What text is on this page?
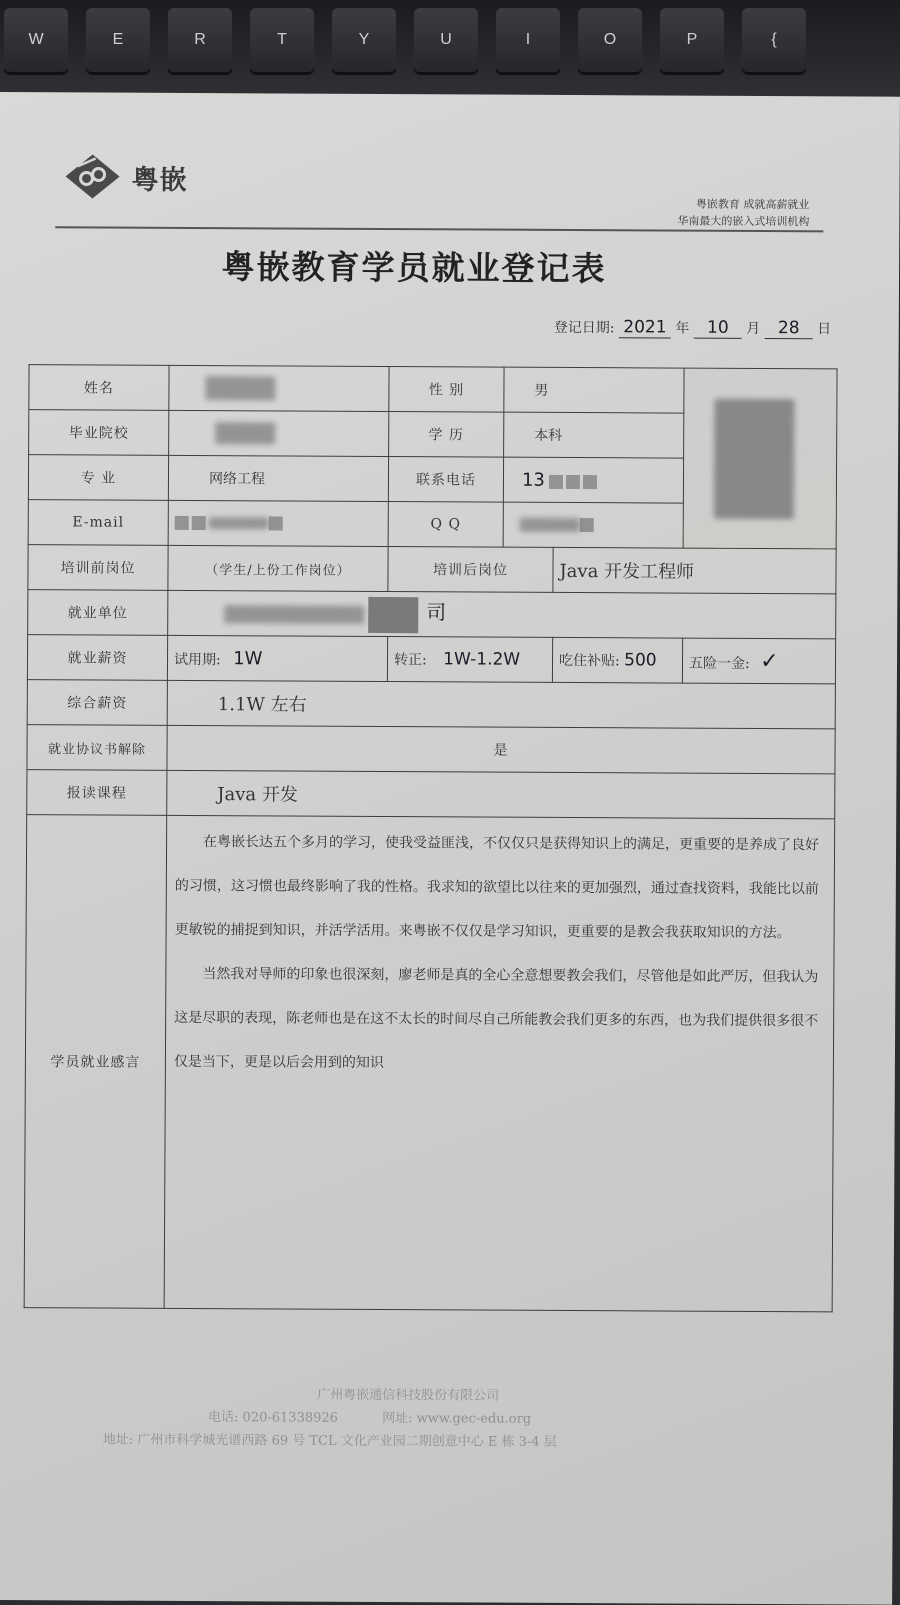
W	E	R	T	Y	U	I	O	P	{
粤嵌
粤嵌教育 成就高薪就业
华南最大的嵌入式培训机构
粤嵌教育学员就业登记表
登记日期: 2021 年 10 月 28 日
姓名		性 别	男		

毕业院校		学 历	本科		
专 业	网络工程	联系电话	13		
E-mail		Q Q			
培训前岗位	（学生/上份工作岗位）	培训后岗位		Java 开发工程师	
就业单位	司				
就业薪资	试用期: 1W	转正: 1W-1.2W		吃住补贴: 500	五险一金: ✓
综合薪资	1.1W 左右				
就业协议书解除	是				
报读课程	Java 开发				
学员就业感言	在粤嵌长达五个多月的学习，使我受益匪浅，不仅仅只是获得知识上的满足，更重要的是养成了良好的习惯，这习惯也最终影响了我的性格。我求知的欲望比以往来的更加强烈，通过查找资料，我能比以前更敏锐的捕捉到知识，并活学活用。来粤嵌不仅仅是学习知识，更重要的是教会我获取知识的方法。

当然我对导师的印象也很深刻，廖老师是真的全心全意想要教会我们，尽管他是如此严厉，但我认为这是尽职的表现，陈老师也是在这不太长的时间尽自己所能教会我们更多的东西，也为我们提供很多很不仅是当下，更是以后会用到的知识				

广州粤嵌通信科技股份有限公司
电话: 020-61338926	网址: www.gec-edu.org
地址: 广州市科学城光谱西路 69 号 TCL 文化产业园二期创意中心 E 栋 3-4 层
